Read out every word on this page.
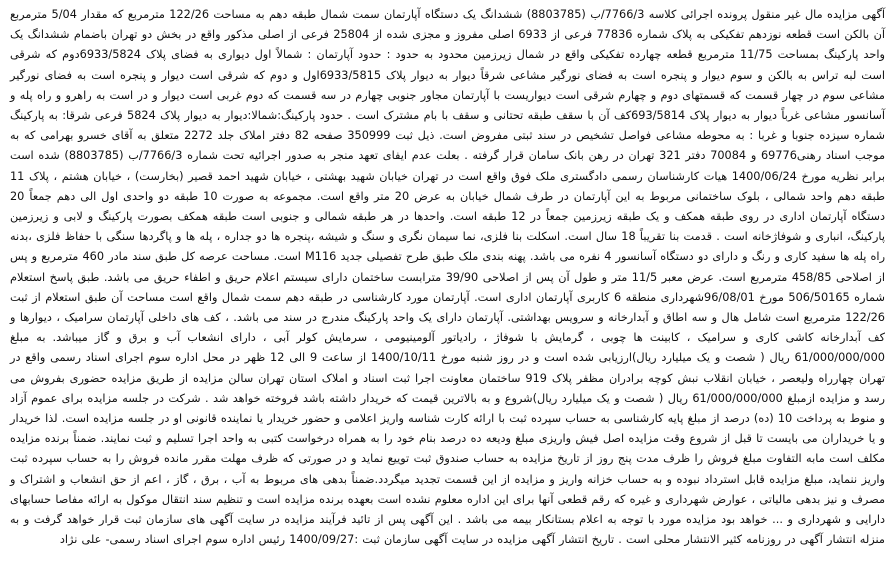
آگهی مزایده مال غیر منقول پرونده اجرائی کلاسه 7766/3/ب (8803785) ششدانگ یک دستگاه آپارتمان سمت شمال طبقه دهم به مساحت 122/26 مترمربع که مقدار 5/04 مترمربع آن بالکن است قطعه نوزدهم تفکیکی به پلاک شماره 77836 فرعی از 6933 اصلی مفروز و مجزی شده از 25804 فرعی از اصلی مذکور واقع در بخش دو تهران باضمام ششدانگ یک واحد پارکینگ بمساحت 11/75 مترمربع قطعه چهارده تفکیکی واقع در شمال زیرزمین محدود به حدود : حدود آپارتمان : شمالاً اول دیواری به فضای پلاک 6933/5824دوم که شرقی است لبه تراس به بالکن و سوم دیوار و پنجره است به فضای نورگیر مشاعی شرقاً دیوار به دیوار پلاک 6933/5815اول و دوم که شرقی است دیوار و پنجره است به فضای نورگیر مشاعی سوم در چهار قسمت که قسمتهای دوم و چهارم شرقی است دیواریست با آپارتمان مجاور جنوبی چهارم در سه قسمت که دوم غربی است دیوار و در است به راهرو و راه پله و آسانسور مشاعی غرباً دیوار به دیوار پلاک 693/5814کف آن با سقف طبقه تحتانی و سقف با بام مشترک است . حدود پارکینگ:شمالا:دیوار به دیوار پلاک 5824 فرعی شرقا: به پارکینگ شماره سیزده جنوبا و غربا : به محوطه مشاعی فواصل تشخیص در سند ثبتی مفروض است. ذیل ثبت 350999 صفحه 82 دفتر املاک جلد 2272 متعلق به آقای خسرو بهرامی که به موجب اسناد رهنی69776 و 70084 دفتر 321 تهران در رهن بانک سامان قرار گرفته . بعلت عدم ایفای تعهد منجر به صدور اجرائیه تحت شماره 7766/3/ب (8803785) شده است برابر نظریه مورخ 1400/06/24 هیات کارشناسان رسمی دادگستری ملک فوق واقع است در تهران خیابان شهید بهشتی ، خیابان شهید احمد قصیر (بخارست) ، خیابان هشتم ، پلاک 11 طبقه دهم واحد شمالی ، بلوک ساختمانی مربوط به این آپارتمان در طرف شمال خیابان به عرض 20 متر واقع است. مجموعه به صورت 10 طبقه دو واحدی اول الی دهم جمعاً 20 دستگاه آپارتمان اداری در روی طبقه همکف و یک طبقه زیرزمین جمعاً در 12 طبقه است. واحدها در هر طبقه شمالی و جنوبی است طبقه همکف بصورت پارکینگ و لابی و زیرزمین پارکینگ، انباری و شوفاژخانه است . قدمت بنا تقریباً 18 سال است. اسکلت بنا فلزی، نما سیمان نگری و سنگ و شیشه ،پنجره ها دو جداره ، پله ها و پاگردها سنگی با حفاظ فلزی ،بدنه راه پله ها سفید کاری و رنگ و دارای دو دستگاه آسانسور 4 نفره می باشد. پهنه بندی ملک طبق طرح تفصیلی جدید M116 است. مساحت عرصه کل طبق سند مادر 460 مترمربع و پس از اصلاحی 458/85 مترمربع است. عرض معبر 11/5 متر و طول آن پس از اصلاحی 39/90 مترابست ساختمان دارای سیستم اعلام حریق و اطفاء حریق می باشد. طبق پاسخ استعلام شماره 506/50165 مورخ 96/08/01شهرداری منطقه 6 کاربری آپارتمان اداری است. آپارتمان مورد کارشناسی در طبقه دهم سمت شمال واقع است مساحت آن طبق استعلام از ثبت 122/26 مترمربع است شامل هال و سه اطاق و آبدارخانه و سرویس بهداشتی. آپارتمان دارای یک واحد پارکینگ مندرج در سند می باشد. ، کف های داخلی آپارتمان سرامیک ، دیوارها و کف آبدارخانه کاشی کاری و سرامیک ، کابینت ها چوبی ، گرمایش با شوفاژ ، رادیاتور آلومینیومی ، سرمایش کولر آبی ، دارای انشعاب آب و برق و گاز میباشد. به مبلغ 61/000/000/000 ریال ( شصت و یک میلیارد ریال)ارزیابی شده است و در روز شنبه مورخ 1400/10/11 از ساعت 9 الی 12 ظهر در محل اداره سوم اجرای اسناد رسمی واقع در تهران چهارراه ولیعصر ، خیابان انقلاب نبش کوچه برادران مظفر پلاک 919 ساختمان معاونت اجرا ثبت اسناد و املاک استان تهران سالن مزایده از طریق مزایده حضوری بفروش می رسد و مزایده ازمبلغ 61/000/000/000 ریال ( شصت و یک میلیارد ریال)شروع و به بالاترین قیمت که خریدار داشته باشد فروخته خواهد شد . شرکت در جلسه مزایده برای عموم آزاد و منوط به پرداخت 10 (ده) درصد از مبلغ پایه کارشناسی به حساب سپرده ثبت با ارائه کارت شناسه واریز اعلامی و حضور خریدار یا نماینده قانونی او در جلسه مزایده است. لذا خریدار و یا خریداران می بایست تا قبل از شروع وقت مزایده اصل فیش واریزی مبلغ ودیعه ده درصد بنام خود را به همراه درخواست کتبی به واحد اجرا تسلیم و ثبت نمایند. ضمناً برنده مزایده مکلف است مابه التفاوت مبلغ فروش را ظرف مدت پنج روز از تاریخ مزایده به حساب صندوق ثبت توییع نماید و در صورتی که ظرف مهلت مقرر مانده فروش را به حساب سپرده ثبت واریز ننماید، مبلغ مزایده قابل استرداد نبوده و به حساب خزانه واریز و مزایده از این قسمت تجدید میگردد.ضمناً بدهی های مربوط به آب ، برق ، گاز ، اعم از حق انشعاب و اشتراک و مصرف و نیز بدهی مالیاتی ، عوارض شهرداری و غیره که رقم قطعی آنها برای این اداره معلوم نشده است بعهده برنده مزایده است و تنظیم سند انتقال موکول به ارائه مفاصا حسابهای دارایی و شهرداری و ... خواهد بود مزایده مورد با توجه به اعلام بستانکار بیمه می باشد . این آگهی پس از تائید فرآیند مزایده در سایت آگهی های سازمان ثبت قرار خواهد گرفت و به منزله انتشار آگهی در روزنامه کثیر الانتشار محلی است . تاریخ انتشار آگهی مزایده در سایت آگهی سازمان ثبت :1400/09/27 رئیس اداره سوم اجرای اسناد رسمی- علی نژاد
